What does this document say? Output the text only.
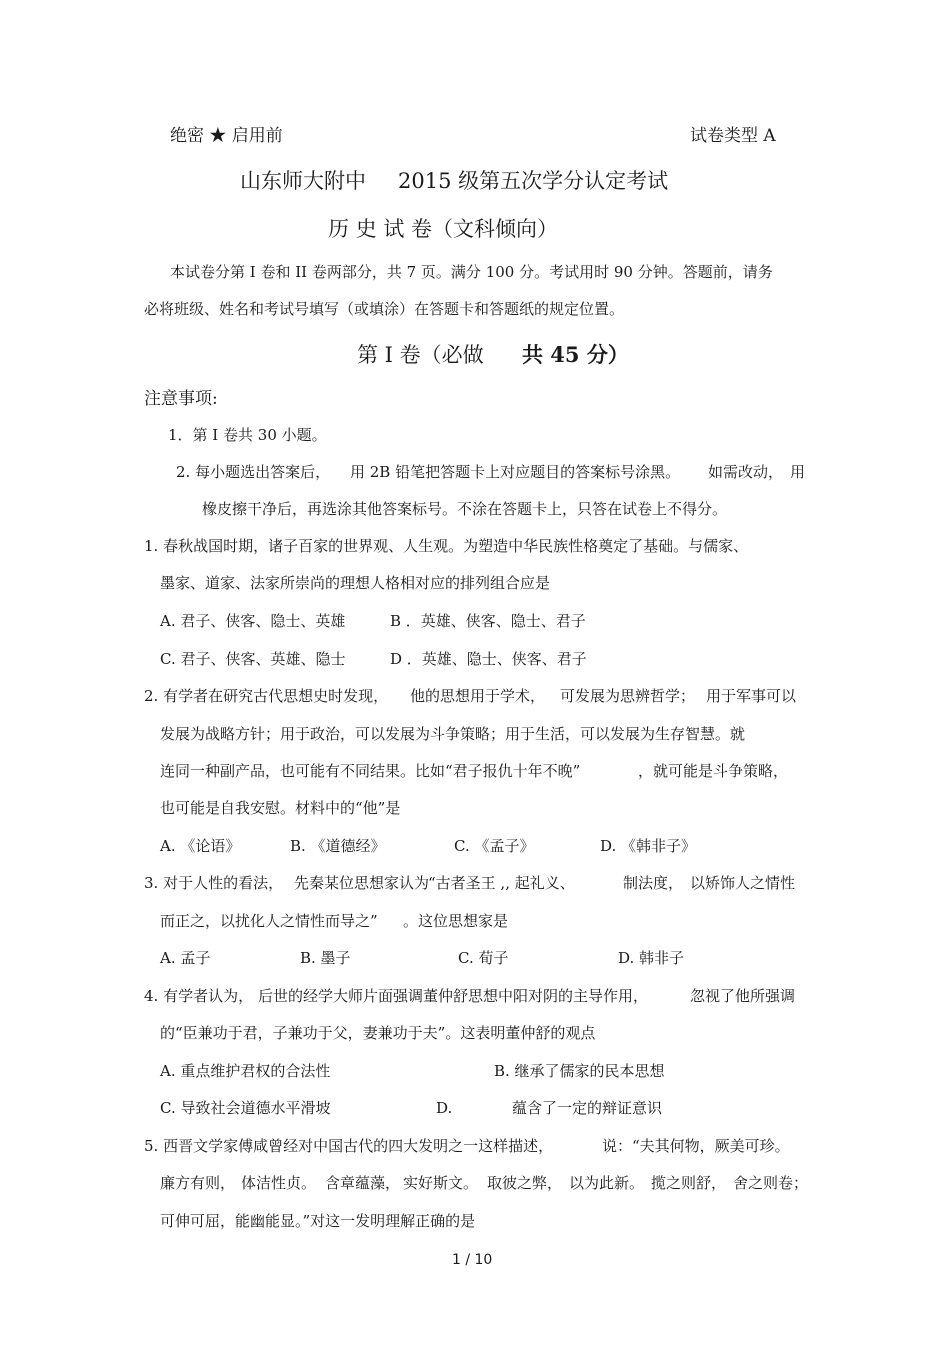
绝密 ★ 启用前	试卷类型 A
山东师大附中 2015 级第五次学分认定考试
历 史 试 卷（文科倾向）
本试卷分第 I 卷和 II 卷两部分，共 7 页。满分 100 分。考试用时 90 分钟。答题前，请务
必将班级、姓名和考试号填写（或填涂）在答题卡和答题纸的规定位置。
第 I 卷（必做 共 45 分）
注意事项:
1．第 I 卷共 30 小题。
2. 每小题选出答案后， 用 2B 铅笔把答题卡上对应题目的答案标号涂黑。 如需改动， 用
橡皮擦干净后，再选涂其他答案标号。不涂在答题卡上，只答在试卷上不得分。
1. 春秋战国时期，诸子百家的世界观、人生观。为塑造中华民族性格奠定了基础。与儒家、
墨家、道家、法家所崇尚的理想人格相对应的排列组合应是
A. 君子、侠客、隐士、英雄	B ．英雄、侠客、隐士、君子
C. 君子、侠客、英雄、隐士	D ．英雄、隐士、侠客、君子
2. 有学者在研究古代思想史时发现， 他的思想用于学术， 可发展为思辨哲学； 用于军事可以
发展为战略方针；用于政治，可以发展为斗争策略；用于生活，可以发展为生存智慧。就
连同一种副产品，也可能有不同结果。比如“君子报仇十年不晚”	，就可能是斗争策略，
也可能是自我安慰。材料中的“他”是
A. 《论语》	B. 《道德经》	C. 《孟子》	D. 《韩非子》
3. 对于人性的看法， 先秦某位思想家认为
“古者圣王 ,, 起礼义、	制法度， 以矫饰人之情性
而正之，以扰化人之情性而导之” 。这位思想家是
A. 孟子	B. 墨子	C. 荀子	D. 韩非子
4. 有学者认为， 后世的经学大师片面强调董仲舒思想中阳对阴的主导作用，	忽视了他所强调
的“臣兼功于君，子兼功于父，妻兼功于夫”。这表明董仲舒的观点
A. 重点维护君权的合法性	B. 继承了儒家的民本思想
C. 导致社会道德水平滑坡	D.	蕴含了一定的辩证意识
5. 西晋文学家傅咸曾经对中国古代的四大发明之一这样描述，	说：“夫其何物，厥美可珍。
廉方有则， 体洁性贞。 含章蕴藻， 实好斯文。 取彼之弊， 以为此新。 揽之则舒， 舍之则卷；
可伸可屈，能幽能显。”对这一发明理解正确的是
1 / 10
